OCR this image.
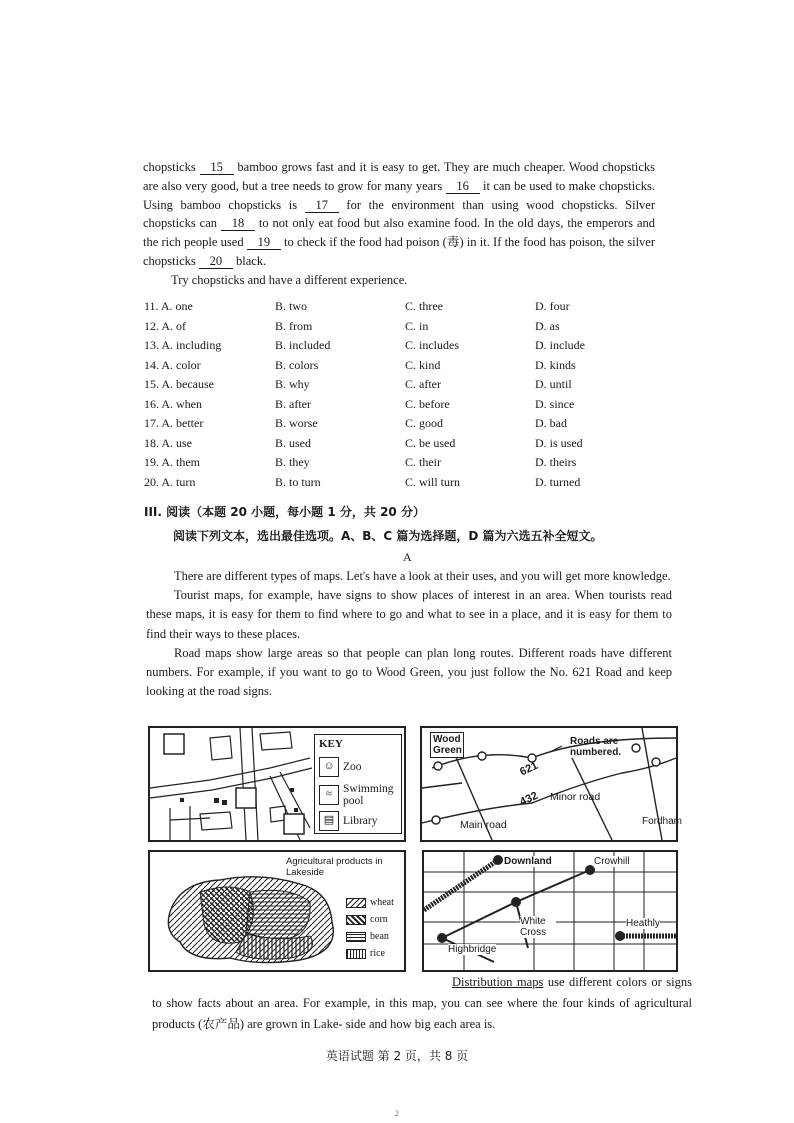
chopsticks 15 bamboo grows fast and it is easy to get. They are much cheaper. Wood chopsticks are also very good, but a tree needs to grow for many years 16 it can be used to make chopsticks. Using bamboo chopsticks is 17 for the environment than using wood chopsticks. Silver chopsticks can 18 to not only eat food but also examine food. In the old days, the emperors and the rich people used 19 to check if the food had poison (毒) in it. If the food has poison, the silver chopsticks 20 black.

Try chopsticks and have a different experience.

11. A. one	B. two	C. three	D. four
12. A. of	B. from	C. in	D. as
13. A. including	B. included	C. includes	D. include
14. A. color	B. colors	C. kind	D. kinds
15. A. because	B. why	C. after	D. until
16. A. when	B. after	C. before	D. since
17. A. better	B. worse	C. good	D. bad
18. A. use	B. used	C. be used	D. is used
19. A. them	B. they	C. their	D. theirs
20. A. turn	B. to turn	C. will turn	D. turned
III. 阅读（本题 20 小题，每小题 1 分，共 20 分）
阅读下列文本，选出最佳选项。A、B、C 篇为选择题，D 篇为六选五补全短文。
A

There are different types of maps. Let's have a look at their uses, and you will get more knowledge.

Tourist maps, for example, have signs to show places of interest in an area. When tourists read these maps, it is easy for them to find where to go and what to see in a place, and it is easy for them to find their ways to these places.

Road maps show large areas so that people can plan long routes. Different roads have different numbers. For example, if you want to go to Wood Green, you just follow the No. 621 Road and keep looking at the road signs.

KEY
☺ Zoo
≈ Swimming pool
▤ Library
Wood Green
Roads are numbered.
621
432 Minor road
Main road	Fordham
Agricultural products in Lakeside
wheat
corn
bean
rice
Downland	Crowhill
White Cross
Heathly
Highbridge

Distribution maps use different colors or signs to show facts about an area. For example, in this map, you can see where the four kinds of agricultural products (农产品) are grown in Lake- side and how big each area is.

英语试题 第 2 页，共 8 页
2
